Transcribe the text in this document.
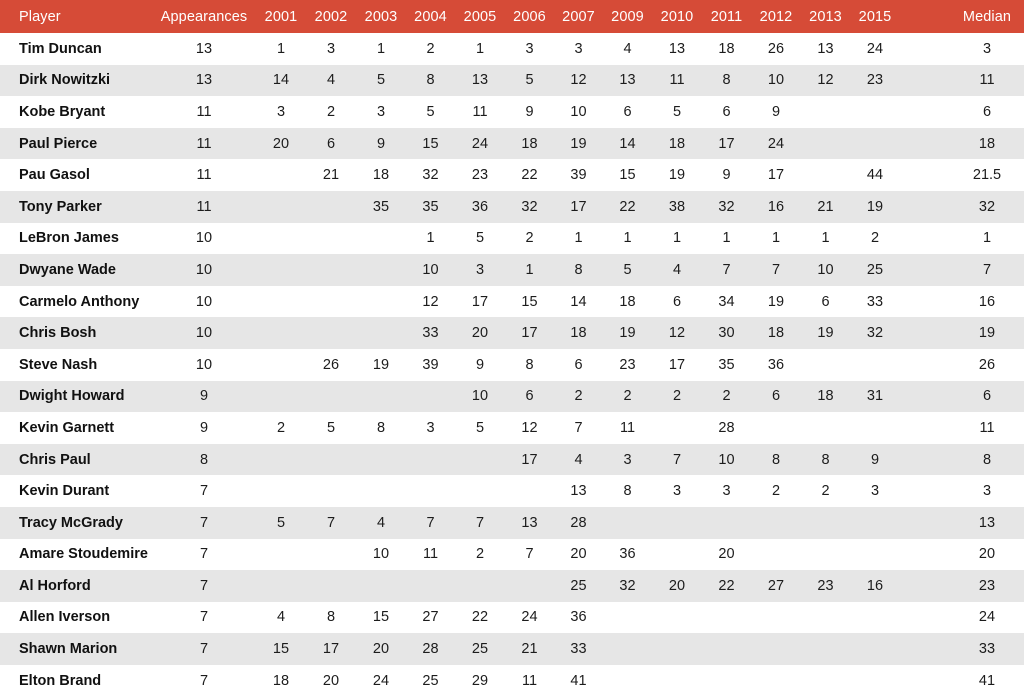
Player	Appearances	2001	2002	2003	2004	2005	2006	2007	2009	2010	2011	2012	2013	2015		Median
Tim Duncan	13	1	3	1	2	1	3	3	4	13	18	26	13	24		3
Dirk Nowitzki	13	14	4	5	8	13	5	12	13	11	8	10	12	23		11
Kobe Bryant	11	3	2	3	5	11	9	10	6	5	6	9				6
Paul Pierce	11	20	6	9	15	24	18	19	14	18	17	24				18
Pau Gasol	11		21	18	32	23	22	39	15	19	9	17		44		21.5
Tony Parker	11			35	35	36	32	17	22	38	32	16	21	19		32
LeBron James	10				1	5	2	1	1	1	1	1	1	2		1
Dwyane Wade	10				10	3	1	8	5	4	7	7	10	25		7
Carmelo Anthony	10				12	17	15	14	18	6	34	19	6	33		16
Chris Bosh	10				33	20	17	18	19	12	30	18	19	32		19
Steve Nash	10		26	19	39	9	8	6	23	17	35	36				26
Dwight Howard	9					10	6	2	2	2	2	6	18	31		6
Kevin Garnett	9	2	5	8	3	5	12	7	11		28					11
Chris Paul	8						17	4	3	7	10	8	8	9		8
Kevin Durant	7							13	8	3	3	2	2	3		3
Tracy McGrady	7	5	7	4	7	7	13	28								13
Amare Stoudemire	7			10	11	2	7	20	36		20					20
Al Horford	7							25	32	20	22	27	23	16		23
Allen Iverson	7	4	8	15	27	22	24	36								24
Shawn Marion	7	15	17	20	28	25	21	33								33
Elton Brand	7	18	20	24	25	29	11	41								41
